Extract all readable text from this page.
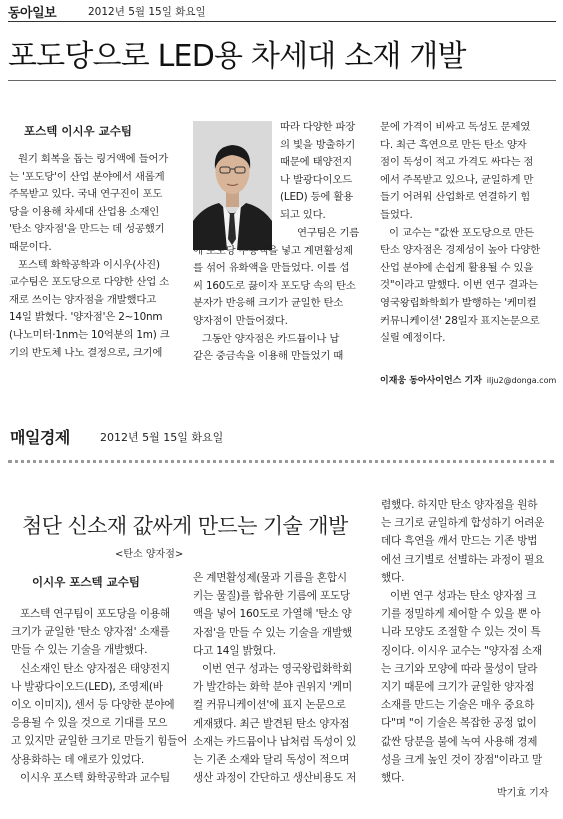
동아일보	2012년 5월 15일 화요일
포도당으로 LED용 차세대 소재 개발
포스텍 이시우 교수팀

원기 회복을 돕는 링거액에 들어가

는 '포도당'이 산업 분야에서 새롭게

주목받고 있다. 국내 연구진이 포도

당을 이용해 차세대 산업용 소재인

'탄소 양자점'을 만드는 데 성공했기

때문이다.

포스텍 화학공학과 이시우(사진)

교수팀은 포도당으로 다양한 산업 소

재로 쓰이는 양자점을 개발했다고

14일 밝혔다. '양자점'은 2~10nm

(나노미터·1nm는 10억분의 1m) 크

기의 반도체 나노 결정으로, 크기에

따라 다양한 파장

의 빛을 방출하기

때문에 태양전지

나 발광다이오드

(LED) 등에 활용

되고 있다.

연구팀은 기름

에 포도당 수용액을 넣고 계면활성제

를 섞어 유화액을 만들었다. 이를 섭

씨 160도로 끓이자 포도당 속의 탄소

분자가 반응해 크기가 균일한 탄소

양자점이 만들어졌다.

그동안 양자점은 카드뮴이나 납

같은 중금속을 이용해 만들었기 때

문에 가격이 비싸고 독성도 문제였

다. 최근 흑연으로 만든 탄소 양자

점이 독성이 적고 가격도 싸다는 점

에서 주목받고 있으나, 균일하게 만

들기 어려워 산업화로 연결하기 힘

들었다.

이 교수는 "값싼 포도당으로 만든

탄소 양자점은 경제성이 높아 다양한

산업 분야에 손쉽게 활용될 수 있을

것"이라고 말했다. 이번 연구 결과는

영국왕립화학회가 발행하는 '케미컬

커뮤니케이션' 28일자 표지논문으로

실릴 예정이다.

이재웅 동아사이언스 기자 ilju2@donga.com
매일경제	2012년 5월 15일 화요일
첨단 신소재 값싸게 만드는 기술 개발
<탄소 양자점>
이시우 포스텍 교수팀

포스텍 연구팀이 포도당을 이용해

크기가 균일한 '탄소 양자점' 소재를

만들 수 있는 기술을 개발했다.

신소재인 탄소 양자점은 태양전지

나 발광다이오드(LED), 조영제(바

이오 이미지), 센서 등 다양한 분야에

응용될 수 있을 것으로 기대를 모으

고 있지만 균일한 크기로 만들기 힘들어

상용화하는 데 애로가 있었다.

이시우 포스텍 화학공학과 교수팀

은 계면활성제(물과 기름을 혼합시

키는 물질)를 함유한 기름에 포도당

액을 넣어 160도로 가열해 '탄소 양

자점'을 만들 수 있는 기술을 개발했

다고 14일 밝혔다.

이번 연구 성과는 영국왕립화학회

가 발간하는 화학 분야 권위지 '케미

컬 커뮤니케이션'에 표지 논문으로

게재됐다. 최근 발견된 탄소 양자점

소재는 카드뮴이나 납처럼 독성이 있

는 기존 소재와 달리 독성이 적으며

생산 과정이 간단하고 생산비용도 저

렴했다. 하지만 탄소 양자점을 원하

는 크기로 균일하게 합성하기 어려운

데다 흑연을 깨서 만드는 기존 방법

에선 크기별로 선별하는 과정이 필요

했다.

이번 연구 성과는 탄소 양자점 크

기를 정밀하게 제어할 수 있을 뿐 아

니라 모양도 조절할 수 있는 것이 특

징이다. 이시우 교수는 "양자점 소재

는 크기와 모양에 따라 물성이 달라

지기 때문에 크기가 균일한 양자점

소재를 만드는 기술은 매우 중요하

다"며 "이 기술은 복잡한 공정 없이

값싼 당분을 불에 녹여 사용해 경제

성을 크게 높인 것이 장점"이라고 말

했다.

박기효 기자
